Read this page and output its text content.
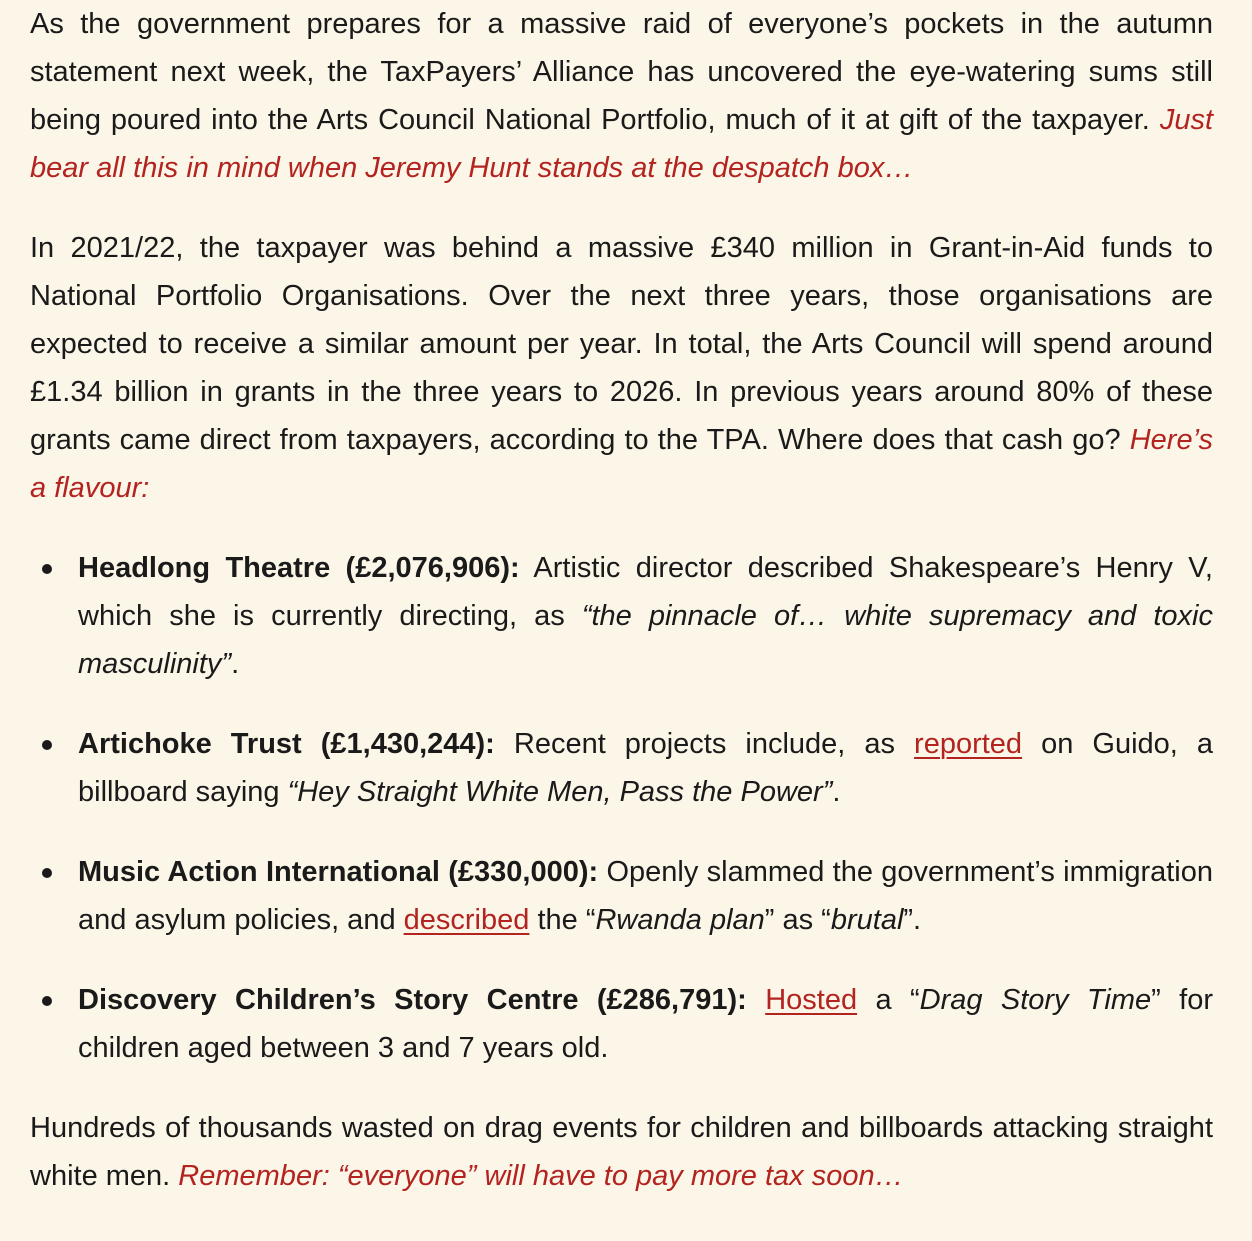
As the government prepares for a massive raid of everyone’s pockets in the autumn statement next week, the TaxPayers’ Alliance has uncovered the eye-watering sums still being poured into the Arts Council National Portfolio, much of it at gift of the taxpayer. Just bear all this in mind when Jeremy Hunt stands at the despatch box…

In 2021/22, the taxpayer was behind a massive £340 million in Grant-in-Aid funds to National Portfolio Organisations. Over the next three years, those organisations are expected to receive a similar amount per year. In total, the Arts Council will spend around £1.34 billion in grants in the three years to 2026. In previous years around 80% of these grants came direct from taxpayers, according to the TPA. Where does that cash go? Here’s a flavour:

Headlong Theatre (£2,076,906): Artistic director described Shakespeare’s Henry V, which she is currently directing, as “the pinnacle of… white supremacy and toxic masculinity”.
Artichoke Trust (£1,430,244): Recent projects include, as reported on Guido, a billboard saying “Hey Straight White Men, Pass the Power”.
Music Action International (£330,000): Openly slammed the government’s immigration and asylum policies, and described the “Rwanda plan” as “brutal”.
Discovery Children’s Story Centre (£286,791): Hosted a “Drag Story Time” for children aged between 3 and 7 years old.

Hundreds of thousands wasted on drag events for children and billboards attacking straight white men. Remember: “everyone” will have to pay more tax soon…
